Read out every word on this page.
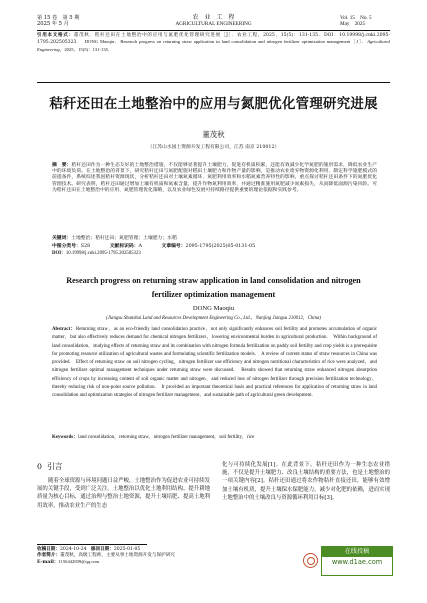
第 15 卷　第 5 期
2025 年 5 月
农　业　工　程
AGRICULTURAL ENGINEERING
Vol. 15　No. 5
May　2025
引用本文格式：董茂秋．秸秆还田在土地整治中的应用与氮肥优化管理研究进展［J］．农业工程，2025，15(5)：131-135．DOI：10.19998/j.cnki.2095-1795.202505323． DONG Maoqiu．Research progress on returning straw application in land consolidation and nitrogen fertilizer optimization management［J］．Agricultural Engineering，2025，15(5)：131-135．
秸秆还田在土地整治中的应用与氮肥优化管理研究进展
董茂秋
（江苏山水国土资源开发工程有限公司，江苏 南京 210012）
摘　要：秸秆还田作为一种生态友好的土地整治措施，不仅能够显著提升土壤肥力，促进有机质积累，还能有效减少化学氮肥的施用需求，降低农业生产中的环境负荷。在土地整治的背景下，研究秸秆还田与氮肥配施对稻田土壤肥力和作物产量的影响，是推动农业废弃物资源化利用、制定科学施肥模式的前提条件，系统综述我国秸秆资源现状，分析秸秆还田对土壤氮素循环、氮肥利用效率和水稻氮素营养特性的影响，重点探讨秸秆还田条件下的氮肥优化管理技术。研究表明，秸秆还田通过增加土壤有机质和氮素含量，提升作物氮利用效率，并通过精准施用氮肥减少氮素损失，从而降低面源污染风险。可为秸秆还田在土地整治中的应用、氮肥管理优化策略，以及农业绿色发展可持续路径提供重要的理论依据和实践参考。
关键词：土地整治；秸秆还田；氮肥管理；土壤肥力；水稻
中图分类号：S28	文献标识码：A	文章编号：2095-1795(2025)05-0131-05
DOI：10.19998/j.cnki.2095-1795.202505323
Research progress on returning straw application in land consolidation and nitrogen
fertilizer optimization management
DONG Maoqiu
(Jiangsu Shanshui Land and Resources Development Engineering Co., Ltd.，Nanjing Jiangsu 210012，China)
Abstract：Returning straw，as an eco-friendly land consolidation practice，not only significantly enhances soil fertility and promotes accumulation of organic matter，but also effectively reduces demand for chemical nitrogen fertilizers，lowering environmental burden in agricultural production.　Within background of land consolidation，studying effects of returning straw and its combination with nitrogen formula fertilization on paddy soil fertility and crop yields is a prerequisite for promoting resource utilization of agricultural wastes and formulating scientific fertilization models.　A review of current status of straw resources in China was provided.　Effect of returning straw on soil nitrogen cycling，nitrogen fertilizer use efficiency and nitrogen nutritional characteristics of rice were analyzed，and nitrogen fertilizer optimal management techniques under returning straw were discussed.　Results showed that returning straw enhanced nitrogen absorption efficiency of crops by increasing content of soil organic matter and nitrogen，and reduced loss of nitrogen fertilizer through precision fertilization technology，thereby reducing risk of non-point source pollution.　It provided an important theoretical basis and practical references for application of returning straw in land consolidation and optimization strategies of nitrogen fertilizer management，and sustainable path of agricultural green development.
Keywords：land consolidation，returning straw，nitrogen fertilizer management，soil fertility，rice
0 引言
随着全球资源与环境问题日益严峻，土地整治作为促进农业可持续发展的关键手段，受到广泛关注。土地整治以优化土地利用结构、提升耕地质量为核心目标，通过治理与整治土地资源，提升土壤培肥、提高土地利用效率，推动农业生产的生态
化与可持续化发展[1]。在此背景下，秸秆还田作为一种生态农业措施，不仅是提升土壤肥力、改良土壤结构的重要方法，也是土地整治的一项关键内容[2]。秸秆还田通过将农作物秸秆直接还田，能够有效增加土壤有机质，提升土壤保水保肥能力，减少对化肥的依赖，进而实现土地整治中的土壤改良与资源循环利用目标[3]。
收稿日期：2024-10-24 修回日期：2025-01-05
作者简介：董茂秋，高级工程师，主要从事土地资源开发与保护研究
E-mail：1156442839@qq.com
在线投稿
www.d1ae.com
